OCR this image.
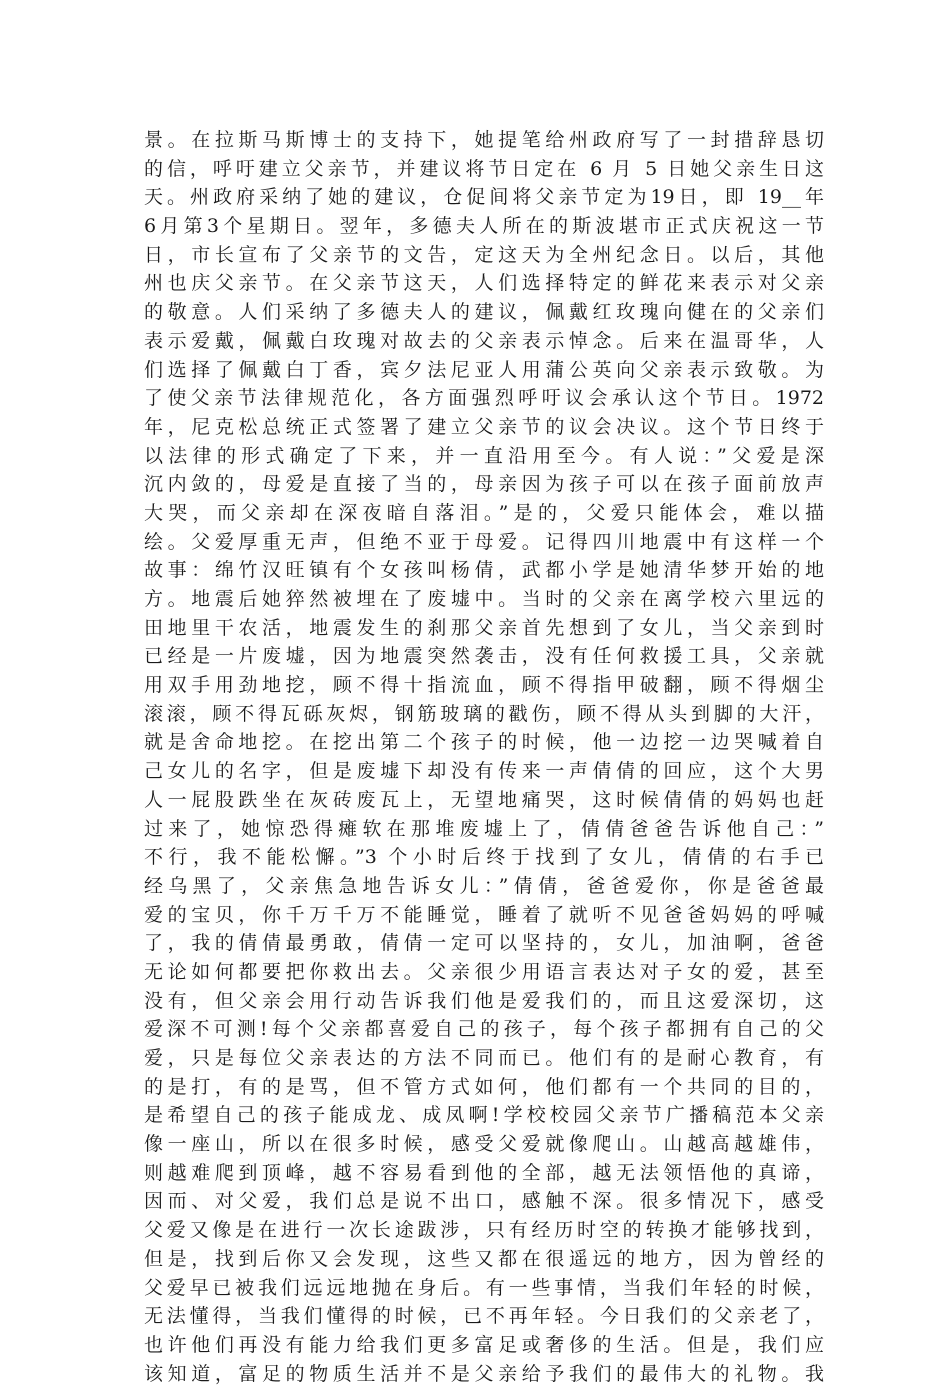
景。在拉斯马斯博士的支持下，她提笔给州政府写了一封措辞恳切
的信，呼吁建立父亲节，并建议将节日定在 6 月 5 日她父亲生日这
天。州政府采纳了她的建议，仓促间将父亲节定为19日，即 19__年
6月第3个星期日。翌年，多德夫人所在的斯波堪市正式庆祝这一节
日，市长宣布了父亲节的文告，定这天为全州纪念日。以后，其他
州也庆父亲节。在父亲节这天，人们选择特定的鲜花来表示对父亲
的敬意。人们采纳了多德夫人的建议，佩戴红玫瑰向健在的父亲们
表示爱戴，佩戴白玫瑰对故去的父亲表示悼念。后来在温哥华，人
们选择了佩戴白丁香，宾夕法尼亚人用蒲公英向父亲表示致敬。为
了使父亲节法律规范化，各方面强烈呼吁议会承认这个节日。1972
年，尼克松总统正式签署了建立父亲节的议会决议。这个节日终于
以法律的形式确定了下来，并一直沿用至今。有人说：”父爱是深
沉内敛的，母爱是直接了当的，母亲因为孩子可以在孩子面前放声
大哭，而父亲却在深夜暗自落泪。”是的，父爱只能体会，难以描
绘。父爱厚重无声，但绝不亚于母爱。记得四川地震中有这样一个
故事：绵竹汉旺镇有个女孩叫杨倩，武都小学是她清华梦开始的地
方。地震后她猝然被埋在了废墟中。当时的父亲在离学校六里远的
田地里干农活，地震发生的刹那父亲首先想到了女儿，当父亲到时
已经是一片废墟，因为地震突然袭击，没有任何救援工具，父亲就
用双手用劲地挖，顾不得十指流血，顾不得指甲破翻，顾不得烟尘
滚滚，顾不得瓦砾灰烬，钢筋玻璃的戳伤，顾不得从头到脚的大汗，
就是舍命地挖。在挖出第二个孩子的时候，他一边挖一边哭喊着自
己女儿的名字，但是废墟下却没有传来一声倩倩的回应，这个大男
人一屁股跌坐在灰砖废瓦上，无望地痛哭，这时候倩倩的妈妈也赶
过来了，她惊恐得瘫软在那堆废墟上了，倩倩爸爸告诉他自己：”
不行，我不能松懈。”3 个小时后终于找到了女儿，倩倩的右手已
经乌黑了，父亲焦急地告诉女儿：”倩倩，爸爸爱你，你是爸爸最
爱的宝贝，你千万千万不能睡觉，睡着了就听不见爸爸妈妈的呼喊
了，我的倩倩最勇敢，倩倩一定可以坚持的，女儿，加油啊，爸爸
无论如何都要把你救出去。父亲很少用语言表达对子女的爱，甚至
没有，但父亲会用行动告诉我们他是爱我们的，而且这爱深切，这
爱深不可测!每个父亲都喜爱自己的孩子，每个孩子都拥有自己的父
爱，只是每位父亲表达的方法不同而已。他们有的是耐心教育，有
的是打，有的是骂，但不管方式如何，他们都有一个共同的目的，
是希望自己的孩子能成龙、成凤啊!学校校园父亲节广播稿范本父亲
像一座山，所以在很多时候，感受父爱就像爬山。山越高越雄伟，
则越难爬到顶峰，越不容易看到他的全部，越无法领悟他的真谛，
因而、对父爱，我们总是说不出口，感触不深。很多情况下，感受
父爱又像是在进行一次长途跋涉，只有经历时空的转换才能够找到，
但是，找到后你又会发现，这些又都在很遥远的地方，因为曾经的
父爱早已被我们远远地抛在身后。有一些事情，当我们年轻的时候，
无法懂得，当我们懂得的时候，已不再年轻。今日我们的父亲老了，
也许他们再没有能力给我们更多富足或奢侈的生活。但是，我们应
该知道，富足的物质生活并不是父亲给予我们的最伟大的礼物。我
